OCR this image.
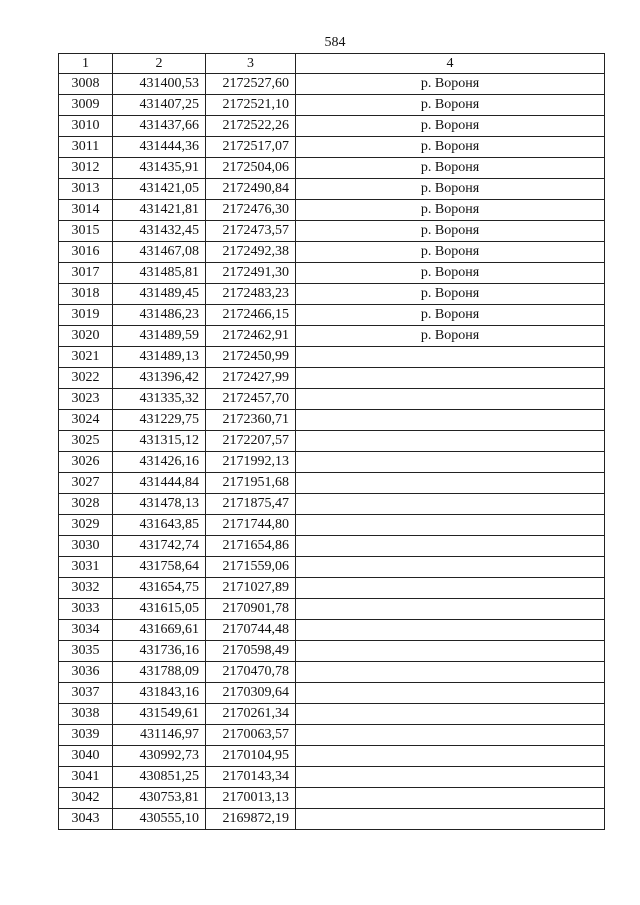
584
1	2	3	4
3008	431400,53	2172527,60	р. Вороня
3009	431407,25	2172521,10	р. Вороня
3010	431437,66	2172522,26	р. Вороня
3011	431444,36	2172517,07	р. Вороня
3012	431435,91	2172504,06	р. Вороня
3013	431421,05	2172490,84	р. Вороня
3014	431421,81	2172476,30	р. Вороня
3015	431432,45	2172473,57	р. Вороня
3016	431467,08	2172492,38	р. Вороня
3017	431485,81	2172491,30	р. Вороня
3018	431489,45	2172483,23	р. Вороня
3019	431486,23	2172466,15	р. Вороня
3020	431489,59	2172462,91	р. Вороня
3021	431489,13	2172450,99	
3022	431396,42	2172427,99	
3023	431335,32	2172457,70	
3024	431229,75	2172360,71	
3025	431315,12	2172207,57	
3026	431426,16	2171992,13	
3027	431444,84	2171951,68	
3028	431478,13	2171875,47	
3029	431643,85	2171744,80	
3030	431742,74	2171654,86	
3031	431758,64	2171559,06	
3032	431654,75	2171027,89	
3033	431615,05	2170901,78	
3034	431669,61	2170744,48	
3035	431736,16	2170598,49	
3036	431788,09	2170470,78	
3037	431843,16	2170309,64	
3038	431549,61	2170261,34	
3039	431146,97	2170063,57	
3040	430992,73	2170104,95	
3041	430851,25	2170143,34	
3042	430753,81	2170013,13	
3043	430555,10	2169872,19	
